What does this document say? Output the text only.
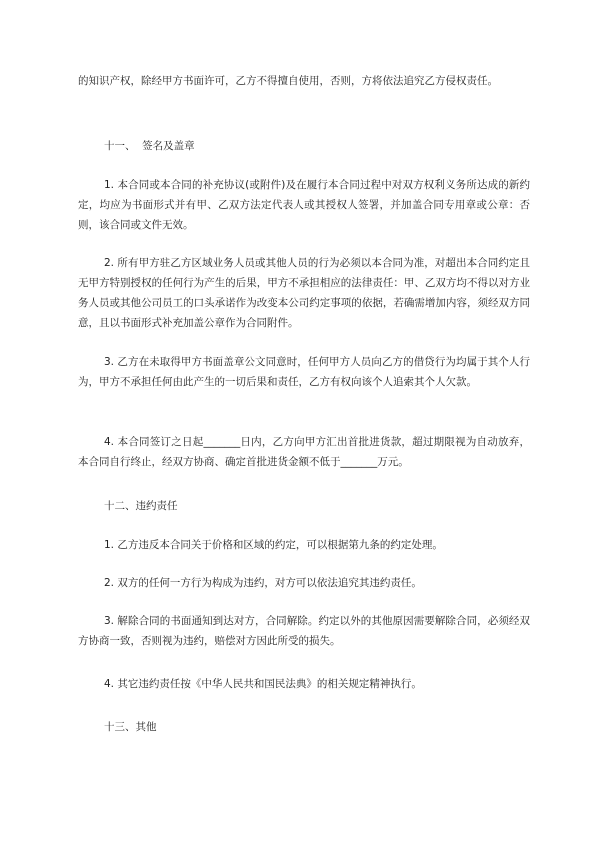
的知识产权，除经甲方书面许可，乙方不得擅自使用，否则，方将依法追究乙方侵权责任。

十一、  签名及盖章

1. 本合同或本合同的补充协议(或附件)及在履行本合同过程中对双方权利义务所达成的新约定，均应为书面形式并有甲、乙双方法定代表人或其授权人签署，并加盖合同专用章或公章：否则，该合同或文件无效。

2. 所有甲方驻乙方区域业务人员或其他人员的行为必须以本合同为准，对超出本合同约定且无甲方特别授权的任何行为产生的后果，甲方不承担相应的法律责任：甲、乙双方均不得以对方业务人员或其他公司员工的口头承诺作为改变本公司约定事项的依据，若确需增加内容，须经双方同意，且以书面形式补充加盖公章作为合同附件。

3. 乙方在未取得甲方书面盖章公文同意时，任何甲方人员向乙方的借贷行为均属于其个人行为，甲方不承担任何由此产生的一切后果和责任，乙方有权向该个人追索其个人欠款。

4. 本合同签订之日起_______日内，乙方向甲方汇出首批进货款，超过期限视为自动放弃，本合同自行终止，经双方协商、确定首批进货金额不低于_______万元。

十二、违约责任

1. 乙方违反本合同关于价格和区域的约定，可以根据第九条的约定处理。

2. 双方的任何一方行为构成为违约，对方可以依法追究其违约责任。

3. 解除合同的书面通知到达对方，合同解除。约定以外的其他原因需要解除合同，必须经双方协商一致，否则视为违约，赔偿对方因此所受的损失。

4. 其它违约责任按《中华人民共和国民法典》的相关规定精神执行。

十三、其他
